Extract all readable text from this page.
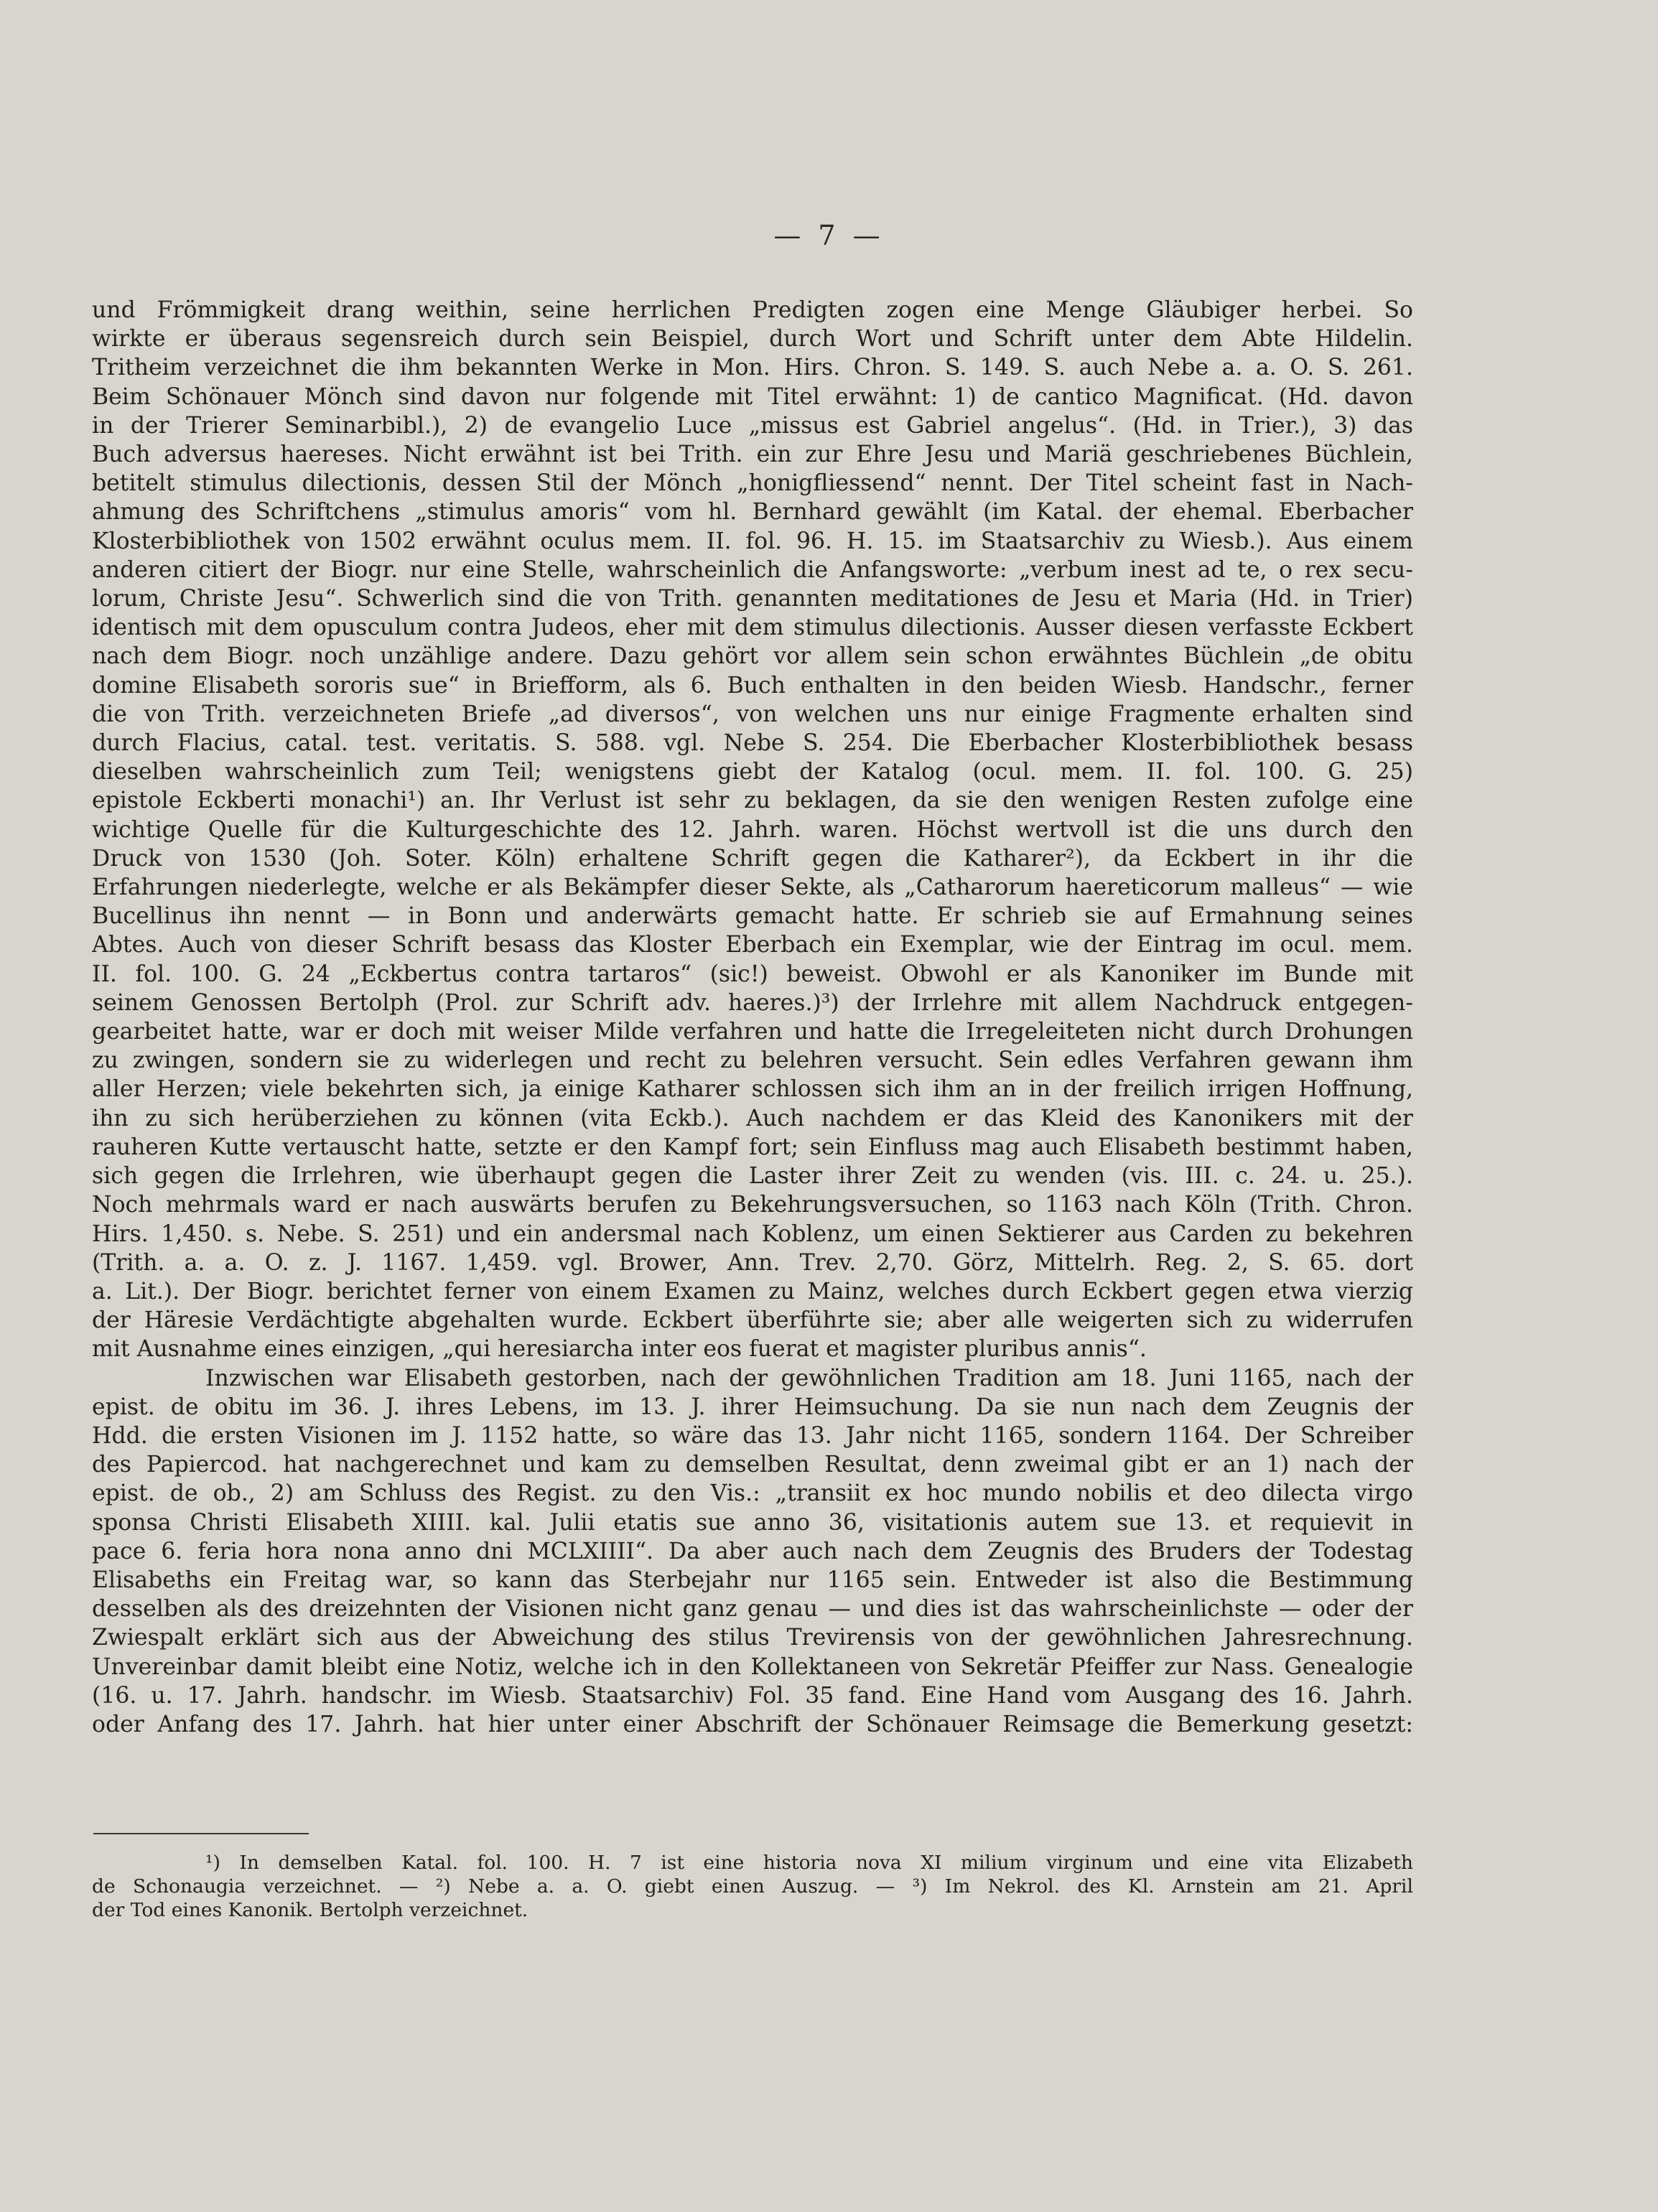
— 7 —

und Frömmigkeit drang weithin, seine herrlichen Predigten zogen eine Menge Gläubiger herbei. So

wirkte er überaus segensreich durch sein Beispiel, durch Wort und Schrift unter dem Abte Hildelin.

Tritheim verzeichnet die ihm bekannten Werke in Mon. Hirs. Chron. S. 149. S. auch Nebe a. a. O. S. 261.

Beim Schönauer Mönch sind davon nur folgende mit Titel erwähnt: 1) de cantico Magnificat. (Hd. davon

in der Trierer Seminarbibl.), 2) de evangelio Luce „missus est Gabriel angelus“. (Hd. in Trier.), 3) das

Buch adversus haereses. Nicht erwähnt ist bei Trith. ein zur Ehre Jesu und Mariä geschriebenes Büchlein,

betitelt stimulus dilectionis, dessen Stil der Mönch „honigfliessend“ nennt. Der Titel scheint fast in Nach-

ahmung des Schriftchens „stimulus amoris“ vom hl. Bernhard gewählt (im Katal. der ehemal. Eberbacher

Klosterbibliothek von 1502 erwähnt oculus mem. II. fol. 96. H. 15. im Staatsarchiv zu Wiesb.). Aus einem

anderen citiert der Biogr. nur eine Stelle, wahrscheinlich die Anfangsworte: „verbum inest ad te, o rex secu-

lorum, Christe Jesu“. Schwerlich sind die von Trith. genannten meditationes de Jesu et Maria (Hd. in Trier)

identisch mit dem opusculum contra Judeos, eher mit dem stimulus dilectionis. Ausser diesen verfasste Eckbert

nach dem Biogr. noch unzählige andere. Dazu gehört vor allem sein schon erwähntes Büchlein „de obitu

domine Elisabeth sororis sue“ in Briefform, als 6. Buch enthalten in den beiden Wiesb. Handschr., ferner

die von Trith. verzeichneten Briefe „ad diversos“, von welchen uns nur einige Fragmente erhalten sind

durch Flacius, catal. test. veritatis. S. 588. vgl. Nebe S. 254. Die Eberbacher Klosterbibliothek besass

dieselben wahrscheinlich zum Teil; wenigstens giebt der Katalog (ocul. mem. II. fol. 100. G. 25)

epistole Eckberti monachi¹) an. Ihr Verlust ist sehr zu beklagen, da sie den wenigen Resten zufolge eine

wichtige Quelle für die Kulturgeschichte des 12. Jahrh. waren. Höchst wertvoll ist die uns durch den

Druck von 1530 (Joh. Soter. Köln) erhaltene Schrift gegen die Katharer²), da Eckbert in ihr die

Erfahrungen niederlegte, welche er als Bekämpfer dieser Sekte, als „Catharorum haereticorum malleus“ — wie

Bucellinus ihn nennt — in Bonn und anderwärts gemacht hatte. Er schrieb sie auf Ermahnung seines

Abtes. Auch von dieser Schrift besass das Kloster Eberbach ein Exemplar, wie der Eintrag im ocul. mem.

II. fol. 100. G. 24 „Eckbertus contra tartaros“ (sic!) beweist. Obwohl er als Kanoniker im Bunde mit

seinem Genossen Bertolph (Prol. zur Schrift adv. haeres.)³) der Irrlehre mit allem Nachdruck entgegen-

gearbeitet hatte, war er doch mit weiser Milde verfahren und hatte die Irregeleiteten nicht durch Drohungen

zu zwingen, sondern sie zu widerlegen und recht zu belehren versucht. Sein edles Verfahren gewann ihm

aller Herzen; viele bekehrten sich, ja einige Katharer schlossen sich ihm an in der freilich irrigen Hoffnung,

ihn zu sich herüberziehen zu können (vita Eckb.). Auch nachdem er das Kleid des Kanonikers mit der

rauheren Kutte vertauscht hatte, setzte er den Kampf fort; sein Einfluss mag auch Elisabeth bestimmt haben,

sich gegen die Irrlehren, wie überhaupt gegen die Laster ihrer Zeit zu wenden (vis. III. c. 24. u. 25.).

Noch mehrmals ward er nach auswärts berufen zu Bekehrungsversuchen, so 1163 nach Köln (Trith. Chron.

Hirs. 1,450. s. Nebe. S. 251) und ein andersmal nach Koblenz, um einen Sektierer aus Carden zu bekehren

(Trith. a. a. O. z. J. 1167. 1,459. vgl. Brower, Ann. Trev. 2,70. Görz, Mittelrh. Reg. 2, S. 65. dort

a. Lit.). Der Biogr. berichtet ferner von einem Examen zu Mainz, welches durch Eckbert gegen etwa vierzig

der Häresie Verdächtigte abgehalten wurde. Eckbert überführte sie; aber alle weigerten sich zu widerrufen

mit Ausnahme eines einzigen, „qui heresiarcha inter eos fuerat et magister pluribus annis“.

Inzwischen war Elisabeth gestorben, nach der gewöhnlichen Tradition am 18. Juni 1165, nach der

epist. de obitu im 36. J. ihres Lebens, im 13. J. ihrer Heimsuchung. Da sie nun nach dem Zeugnis der

Hdd. die ersten Visionen im J. 1152 hatte, so wäre das 13. Jahr nicht 1165, sondern 1164. Der Schreiber

des Papiercod. hat nachgerechnet und kam zu demselben Resultat, denn zweimal gibt er an 1) nach der

epist. de ob., 2) am Schluss des Regist. zu den Vis.: „transiit ex hoc mundo nobilis et deo dilecta virgo

sponsa Christi Elisabeth XIIII. kal. Julii etatis sue anno 36, visitationis autem sue 13. et requievit in

pace 6. feria hora nona anno dni MCLXIIII“. Da aber auch nach dem Zeugnis des Bruders der Todestag

Elisabeths ein Freitag war, so kann das Sterbejahr nur 1165 sein. Entweder ist also die Bestimmung

desselben als des dreizehnten der Visionen nicht ganz genau — und dies ist das wahrscheinlichste — oder der

Zwiespalt erklärt sich aus der Abweichung des stilus Trevirensis von der gewöhnlichen Jahresrechnung.

Unvereinbar damit bleibt eine Notiz, welche ich in den Kollektaneen von Sekretär Pfeiffer zur Nass. Genealogie

(16. u. 17. Jahrh. handschr. im Wiesb. Staatsarchiv) Fol. 35 fand. Eine Hand vom Ausgang des 16. Jahrh.

oder Anfang des 17. Jahrh. hat hier unter einer Abschrift der Schönauer Reimsage die Bemerkung gesetzt:

¹) In demselben Katal. fol. 100. H. 7 ist eine historia nova XI milium virginum und eine vita Elizabeth

de Schonaugia verzeichnet. — ²) Nebe a. a. O. giebt einen Auszug. — ³) Im Nekrol. des Kl. Arnstein am 21. April

der Tod eines Kanonik. Bertolph verzeichnet.
